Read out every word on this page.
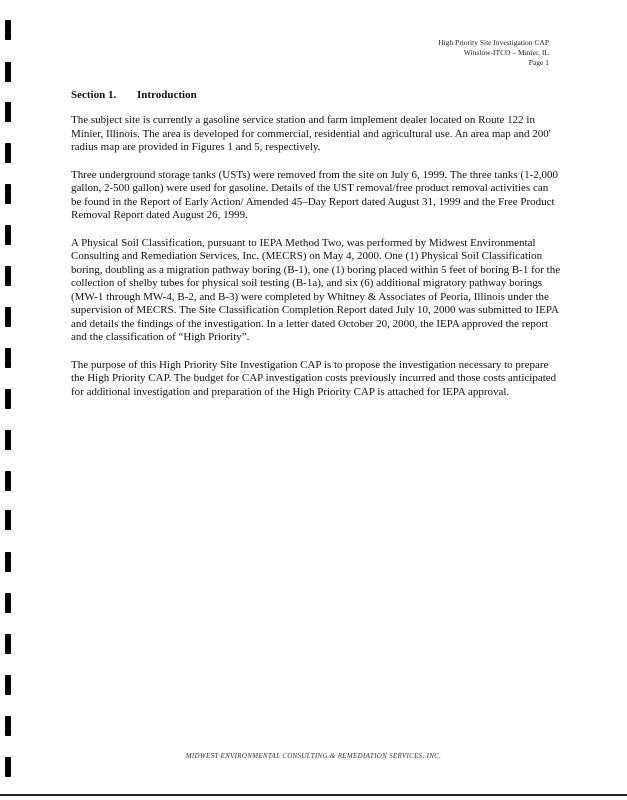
High Priority Site Investigation CAP
Winslow-ITCO – Minier, IL
Page 1
Section 1. Introduction

The subject site is currently a gasoline service station and farm implement dealer located on Route 122 in Minier, Illinois. The area is developed for commercial, residential and agricultural use. An area map and 200' radius map are provided in Figures 1 and 5, respectively.

Three underground storage tanks (USTs) were removed from the site on July 6, 1999. The three tanks (1-2,000 gallon, 2-500 gallon) were used for gasoline. Details of the UST removal/free product removal activities can be found in the Report of Early Action/ Amended 45–Day Report dated August 31, 1999 and the Free Product Removal Report dated August 26, 1999.

A Physical Soil Classification, pursuant to IEPA Method Two, was performed by Midwest Environmental Consulting and Remediation Services, Inc. (MECRS) on May 4, 2000. One (1) Physical Soil Classification boring, doubling as a migration pathway boring (B-1), one (1) boring placed within 5 feet of boring B-1 for the collection of shelby tubes for physical soil testing (B-1a), and six (6) additional migratory pathway borings (MW-1 through MW-4, B-2, and B-3) were completed by Whitney & Associates of Peoria, Illinois under the supervision of MECRS. The Site Classification Completion Report dated July 10, 2000 was submitted to IEPA and details the findings of the investigation. In a letter dated October 20, 2000, the IEPA approved the report and the classification of “High Priority”.

The purpose of this High Priority Site Investigation CAP is to propose the investigation necessary to prepare the High Priority CAP. The budget for CAP investigation costs previously incurred and those costs anticipated for additional investigation and preparation of the High Priority CAP is attached for IEPA approval.

MIDWEST ENVIRONMENTAL CONSULTING & REMEDIATION SERVICES, INC.
